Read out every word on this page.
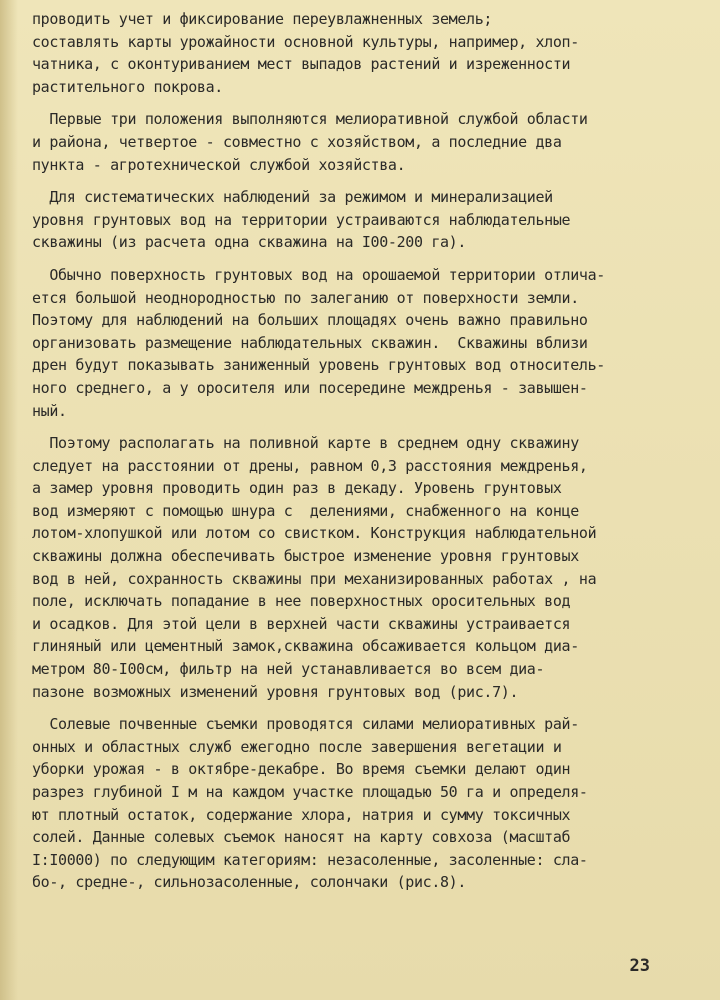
проводить учет и фиксирование переувлажненных земель;
составлять карты урожайности основной культуры, например, хлоп-
чатника, с оконтуриванием мест выпадов растений и изреженности
растительного покрова.
Первые три положения выполняются мелиоративной службой области
и района, четвертое - совместно с хозяйством, а последние два
пункта - агротехнической службой хозяйства.
Для систематических наблюдений за режимом и минерализацией
уровня грунтовых вод на территории устраиваются наблюдательные
скважины (из расчета одна скважина на I00-200 га).
Обычно поверхность грунтовых вод на орошаемой территории отлича-
ется большой неоднородностью по залеганию от поверхности земли.
Поэтому для наблюдений на больших площадях очень важно правильно
организовать размещение наблюдательных скважин.  Скважины вблизи
дрен будут показывать заниженный уровень грунтовых вод относитель-
ного среднего, а у оросителя или посередине междренья - завышен-
ный.
Поэтому располагать на поливной карте в среднем одну скважину
следует на расстоянии от дрены, равном 0,3 расстояния междренья,
а замер уровня проводить один раз в декаду. Уровень грунтовых
вод измеряют с помощью шнура с  делениями, снабженного на конце
лотом-хлопушкой или лотом со свистком. Конструкция наблюдательной
скважины должна обеспечивать быстрое изменение уровня грунтовых
вод в ней, сохранность скважины при механизированных работах , на
поле, исключать попадание в нее поверхностных оросительных вод
и осадков. Для этой цели в верхней части скважины устраивается
глиняный или цементный замок,скважина обсаживается кольцом диа-
метром 80-I00см, фильтр на ней устанавливается во всем диа-
пазоне возможных изменений уровня грунтовых вод (рис.7).
Солевые почвенные съемки проводятся силами мелиоративных рай-
онных и областных служб ежегодно после завершения вегетации и
уборки урожая - в октябре-декабре. Во время съемки делают один
разрез глубиной I м на каждом участке площадью 50 га и определя-
ют плотный остаток, содержание хлора, натрия и сумму токсичных
солей. Данные солевых съемок наносят на карту совхоза (масштаб
I:I0000) по следующим категориям: незасоленные, засоленные: сла-
бо-, средне-, сильнозасоленные, солончаки (рис.8).
23
